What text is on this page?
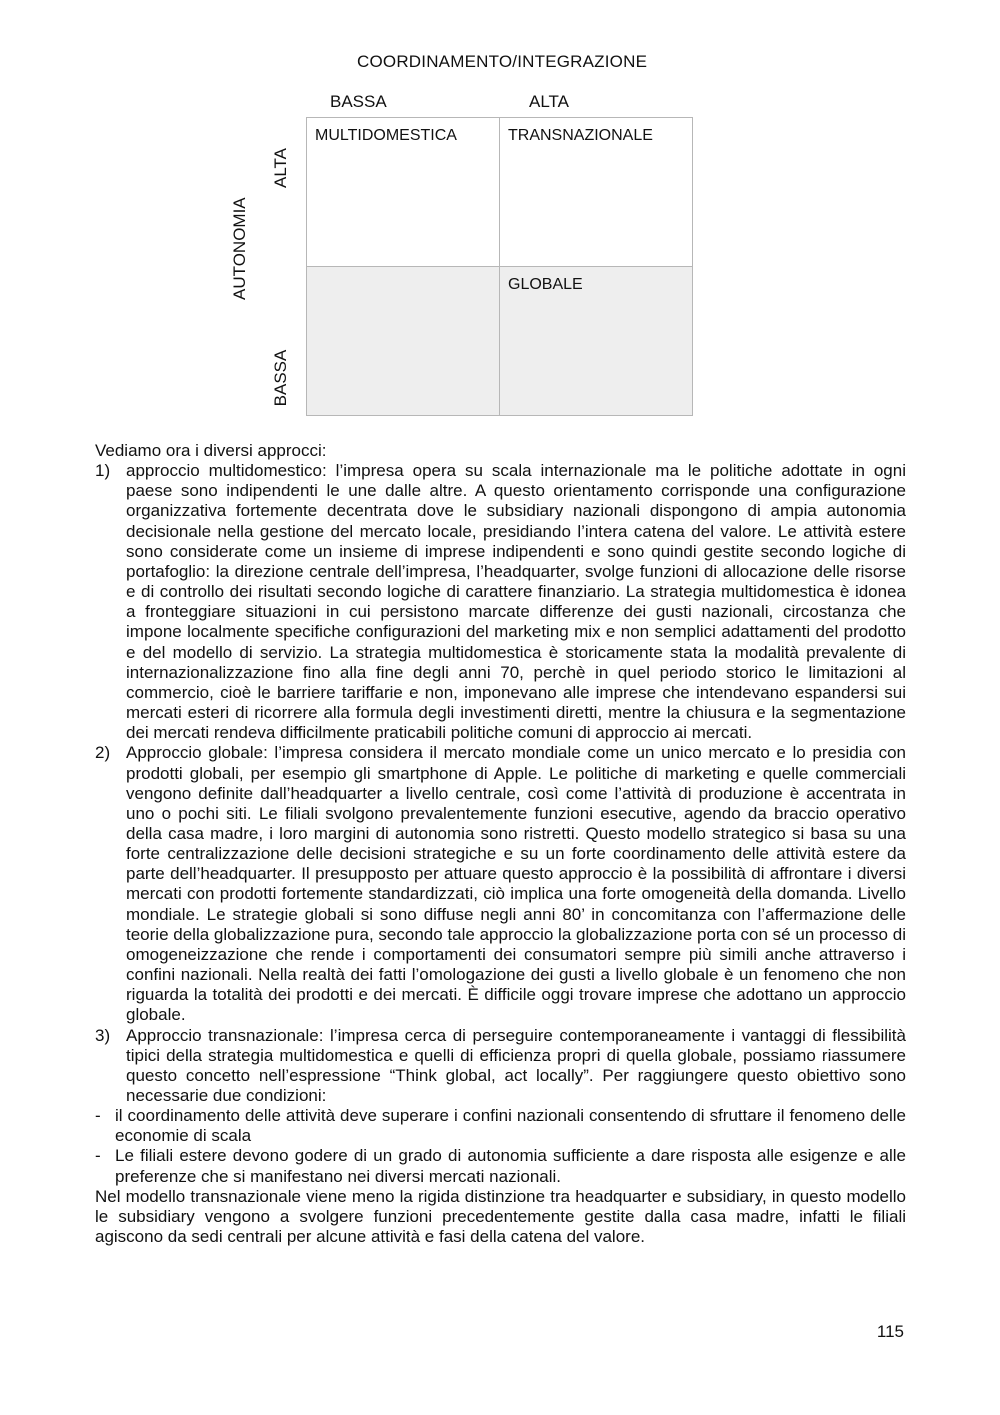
COORDINAMENTO/INTEGRAZIONE
BASSA	ALTA
AUTONOMIA
ALTA
BASSA
MULTIDOMESTICA	TRANSNAZIONALE
GLOBALE

Vediamo ora i diversi approcci:

1) approccio multidomestico: l’impresa opera su scala internazionale ma le politiche adottate in ogni paese sono indipendenti le une dalle altre. A questo orientamento corrisponde una configurazione organizzativa fortemente decentrata dove le subsidiary nazionali dispongono di ampia autonomia decisionale nella gestione del mercato locale, presidiando l’intera catena del valore. Le attività estere sono considerate come un insieme di imprese indipendenti e sono quindi gestite secondo logiche di portafoglio: la direzione centrale dell’impresa, l’headquarter, svolge funzioni di allocazione delle risorse e di controllo dei risultati secondo logiche di carattere finanziario. La strategia multidomestica è idonea a fronteggiare situazioni in cui persistono marcate differenze dei gusti nazionali, circostanza che impone localmente specifiche configurazioni del marketing mix e non semplici adattamenti del prodotto e del modello di servizio. La strategia multidomestica è storicamente stata la modalità prevalente di internazionalizzazione fino alla fine degli anni 70, perchè in quel periodo storico le limitazioni al commercio, cioè le barriere tariffarie e non, imponevano alle imprese che intendevano espandersi sui mercati esteri di ricorrere alla formula degli investimenti diretti, mentre la chiusura e la segmentazione dei mercati rendeva difficilmente praticabili politiche comuni di approccio ai mercati.
2) Approccio globale: l’impresa considera il mercato mondiale come un unico mercato e lo presidia con prodotti globali, per esempio gli smartphone di Apple. Le politiche di marketing e quelle commerciali vengono definite dall’headquarter a livello centrale, così come l’attività di produzione è accentrata in uno o pochi siti. Le filiali svolgono prevalentemente funzioni esecutive, agendo da braccio operativo della casa madre, i loro margini di autonomia sono ristretti. Questo modello strategico si basa su una forte centralizzazione delle decisioni strategiche e su un forte coordinamento delle attività estere da parte dell’headquarter. Il presupposto per attuare questo approccio è la possibilità di affrontare i diversi mercati con prodotti fortemente standardizzati, ciò implica una forte omogeneità della domanda. Livello mondiale. Le strategie globali si sono diffuse negli anni 80’ in concomitanza con l’affermazione delle teorie della globalizzazione pura, secondo tale approccio la globalizzazione porta con sé un processo di omogeneizzazione che rende i comportamenti dei consumatori sempre più simili anche attraverso i confini nazionali. Nella realtà dei fatti l’omologazione dei gusti a livello globale è un fenomeno che non riguarda la totalità dei prodotti e dei mercati. È difficile oggi trovare imprese che adottano un approccio globale.
3) Approccio transnazionale: l’impresa cerca di perseguire contemporaneamente i vantaggi di flessibilità tipici della strategia multidomestica e quelli di efficienza propri di quella globale, possiamo riassumere questo concetto nell’espressione “Think global, act locally”. Per raggiungere questo obiettivo sono necessarie due condizioni:
- il coordinamento delle attività deve superare i confini nazionali consentendo di sfruttare il fenomeno delle economie di scala
- Le filiali estere devono godere di un grado di autonomia sufficiente a dare risposta alle esigenze e alle preferenze che si manifestano nei diversi mercati nazionali.

Nel modello transnazionale viene meno la rigida distinzione tra headquarter e subsidiary, in questo modello le subsidiary vengono a svolgere funzioni precedentemente gestite dalla casa madre, infatti le filiali agiscono da sedi centrali per alcune attività e fasi della catena del valore.

115
